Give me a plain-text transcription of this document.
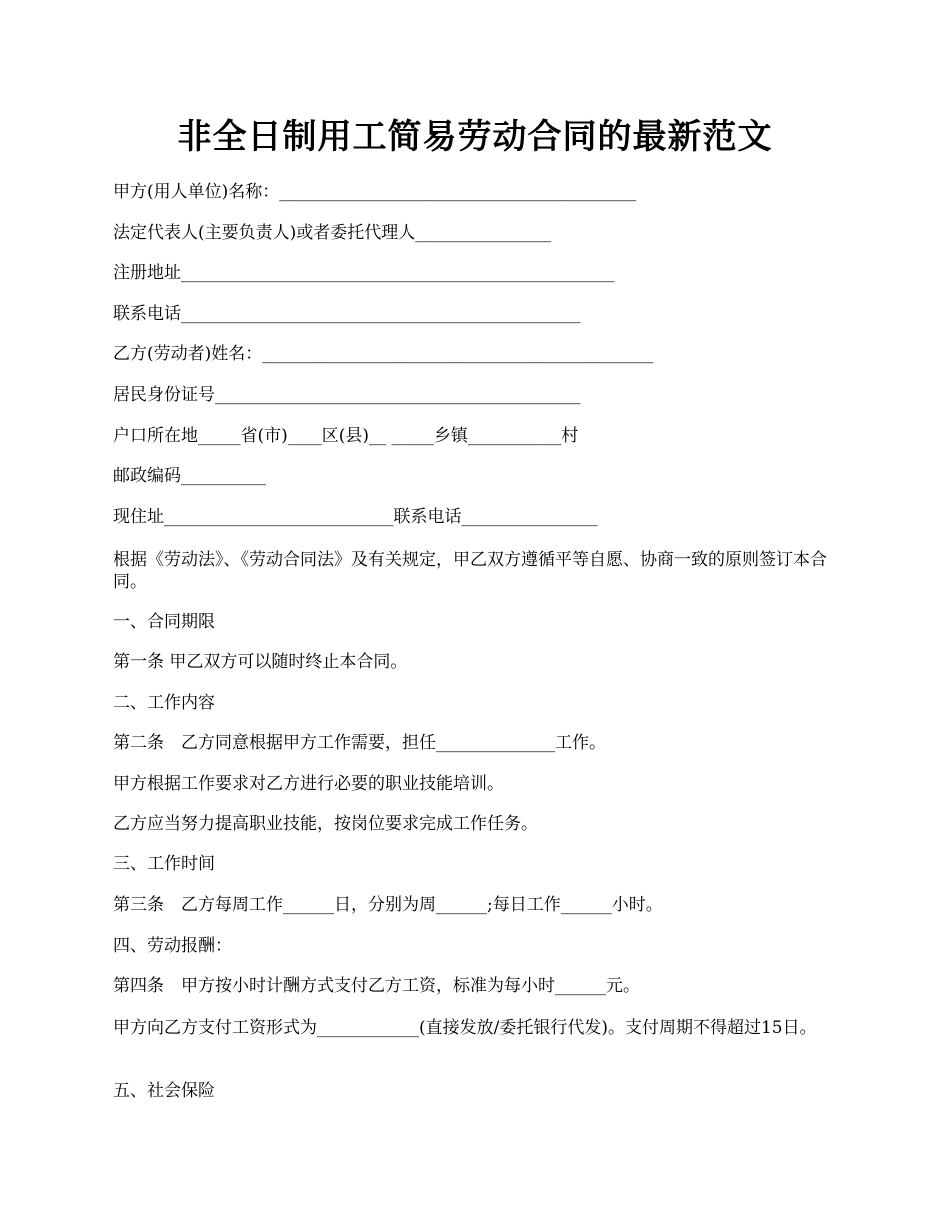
非全日制用工简易劳动合同的最新范文
甲方(用人单位)名称：__________________________________________
法定代表人(主要负责人)或者委托代理人________________
注册地址___________________________________________________
联系电话_______________________________________________
乙方(劳动者)姓名：______________________________________________
居民身份证号___________________________________________
户口所在地_____省(市)____区(县)__ _____乡镇___________村
邮政编码__________
现住址___________________________联系电话________________
根据《劳动法》、《劳动合同法》及有关规定，甲乙双方遵循平等自愿、协商一致的原则签订本合同。
一、合同期限
第一条 甲乙双方可以随时终止本合同。
二、工作内容
第二条　乙方同意根据甲方工作需要，担任______________工作。
甲方根据工作要求对乙方进行必要的职业技能培训。
乙方应当努力提高职业技能，按岗位要求完成工作任务。
三、工作时间
第三条　乙方每周工作______日，分别为周______;每日工作______小时。
四、劳动报酬：
第四条　甲方按小时计酬方式支付乙方工资，标准为每小时______元。
甲方向乙方支付工资形式为____________(直接发放/委托银行代发)。支付周期不得超过15日。
五、社会保险
